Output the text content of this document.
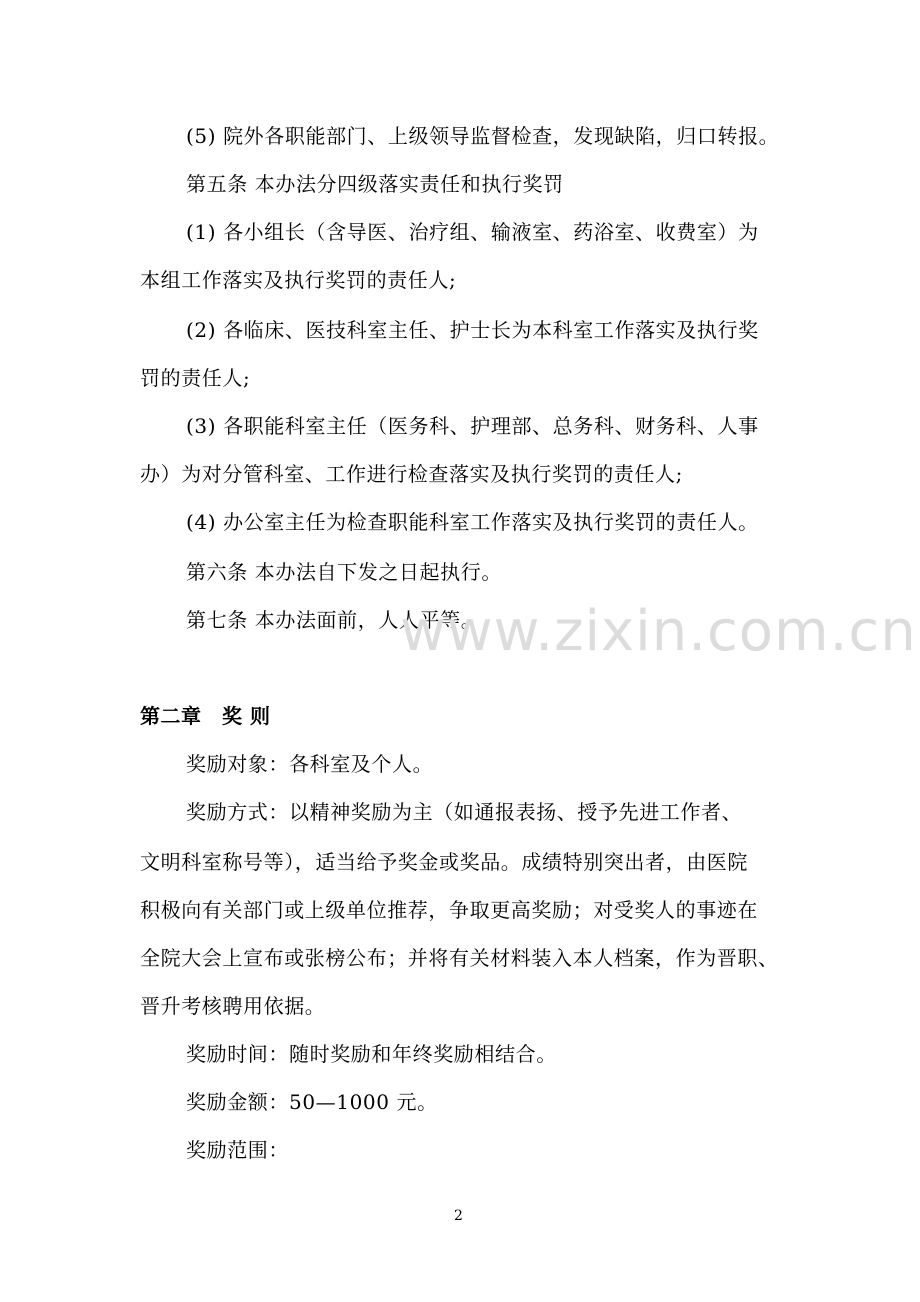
(5) 院外各职能部门、上级领导监督检查，发现缺陷，归口转报。
第五条 本办法分四级落实责任和执行奖罚
(1) 各小组长（含导医、治疗组、输液室、药浴室、收费室）为
本组工作落实及执行奖罚的责任人;
(2) 各临床、医技科室主任、护士长为本科室工作落实及执行奖
罚的责任人;
(3) 各职能科室主任（医务科、护理部、总务科、财务科、人事
办）为对分管科室、工作进行检查落实及执行奖罚的责任人;
(4) 办公室主任为检查职能科室工作落实及执行奖罚的责任人。
第六条 本办法自下发之日起执行。
第七条 本办法面前，人人平等。
第二章　奖 则
奖励对象：各科室及个人。
奖励方式：以精神奖励为主（如通报表扬、授予先进工作者、
文明科室称号等），适当给予奖金或奖品。成绩特别突出者，由医院
积极向有关部门或上级单位推荐，争取更高奖励；对受奖人的事迹在
全院大会上宣布或张榜公布；并将有关材料装入本人档案，作为晋职、
晋升考核聘用依据。
奖励时间：随时奖励和年终奖励相结合。
奖励金额：50—1000 元。
奖励范围：
www.zixin.com.cn
2
